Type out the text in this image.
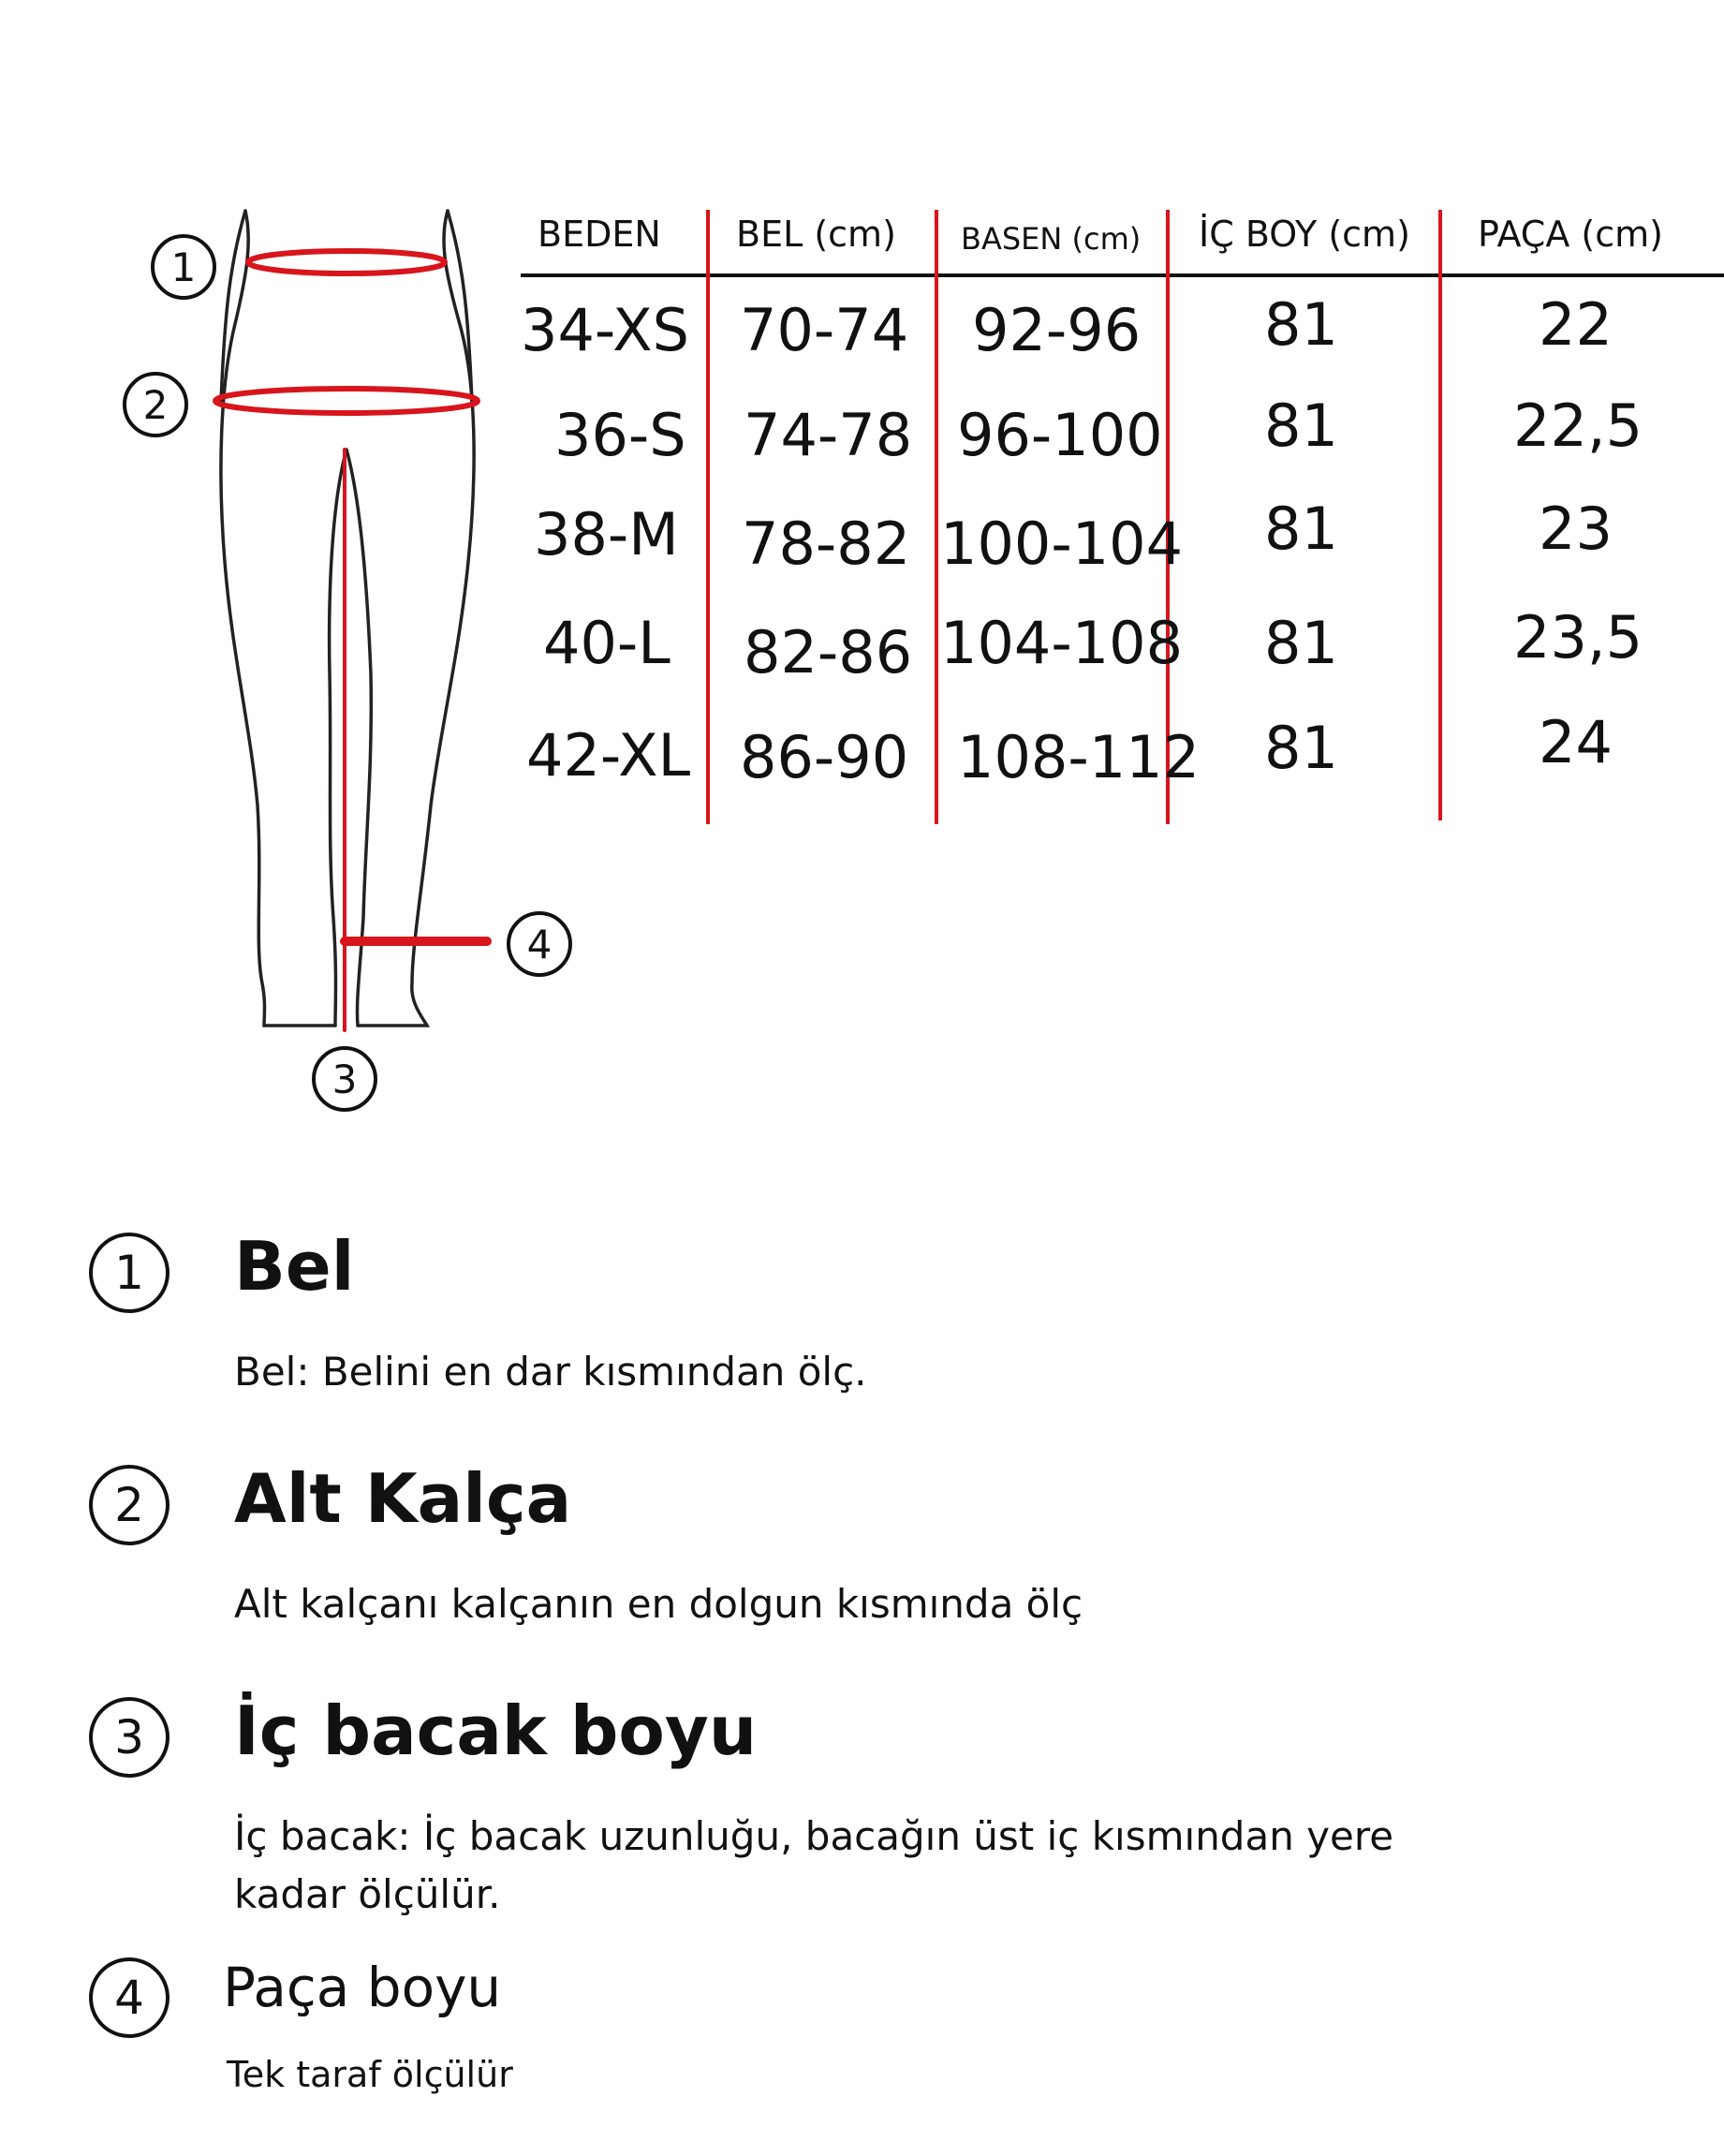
1
2
3
4
BEDEN BEL (cm) BASEN (cm) İÇ BOY (cm) PAÇA (cm)
34-XS 70-74 92-96 81	22
36-S 74-78 96-100 81	22,5
38-M 78-82 100-104 81	23
40-L 82-86 104-108 81	23,5
42-XL 86-90 108-112 81	24
1	Bel
Bel: Belini en dar kısmından ölç.
2	Alt Kalça
Alt kalçanı kalçanın en dolgun kısmında ölç
3	İç bacak boyu
İç bacak: İç bacak uzunluğu, bacağın üst iç kısmından yere
kadar ölçülür.
4	Paça boyu
Tek taraf ölçülür
